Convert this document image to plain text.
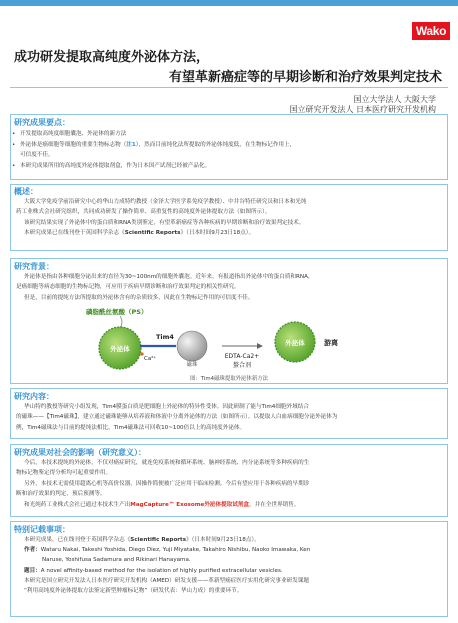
Wako
成功研发提取高纯度外泌体方法，
有望革新癌症等的早期诊断和治疗效果判定技术
国立大学法人 大阪大学
国立研究开发法人 日本医疗研究开发机构
研究成果要点：
• 开发提取高纯度细胞囊泡、外泌体的新方法
• 外泌体是癌细胞等细胞的重要生物标志物（注1），然而目前纯化法所提取的外泌体纯度低，在生物标记作用上，
可信度不佳。
• 本研究成果所用的高纯度外泌体提取剂盒，作为日本国产试剂已经被产品化。
概述：
大阪大学免疫学前沿研究中心的华山力成特约教授（金泽大学医学系免疫学教授）、中井谷特任研究员和日本和光纯
药工业株式会社研究组织，共同成功研发了操作简单、高重复性的高纯度外泌体提取方法（如图所示）。
该研究结果实现了外泌体中的蛋白质和RNA类别鉴定，有望革新癌症等各种疾病的早期诊断和治疗效果判定技术。
本研究成果已在线刊登于英国科学杂志《Scientific Reports》（日本时间9月23日18点）。
研究背景：
外泌体是指由各种细胞分泌出来的直径为30~100nm的细胞外囊泡。近年来，有报道指出外泌体中的蛋白质和RNA，
是癌细胞等病态细胞的生物标记物，可应用于疾病早期诊断和治疗效果判定的相关性研究。
但是，目前的提纯方法所提取的外泌体含有的杂质较多，因此在生物标记作用的可信度不佳。
磷脂酰丝氨酸（PS）
外泌体
Tim4
Ca²⁺
磁珠
EDTA-Ca2+
螯合剂
外泌体	游离
图：Tim4磁珠提取外泌体新方法
研究内容：
华山特约教授等研究小组发现，Tim4膜蛋白质是肥细胞上外泌体的特异性受体。因此研制了能与Tim4细胞外域结合
的磁珠——【Tim4磁珠】，建立通过磁珠能够从培养液和体液中分离外泌体的方法（如图所示）。以提取人白血病细胞分泌外泌体为
例，Tim4磁珠法与目前的提纯法相比，Tim4磁珠法可回收10~100倍以上的高纯度外泌体。
研究成果对社会的影响（研究意义）：
今后，本技术提纯的外泌体，不仅对癌症研究，就连免疫系统和循环系统、脑神经系统、内分泌系统等多种疾病的生
物标记物鉴定得分析均可起重要作用。
另外，本技术无需使用超离心机等高价仪器，因操作简便被广泛应用于临床检测。今后有望应用于各种疾病的早期诊
断和治疗效果的判定，预后预测等。
和光纯药工业株式会社已通过本技术生产出MagCapture™ Exosome外泌体提取试剂盒，并在全世界销售。
特别记载事项：
本研究成果，已在线刊登于英国科学杂志《Scientific Reports》（日本时间9月23日18点）。
作者：Wataru Nakai, Takeshi Yoshida, Diego Diez, Yuji Miyatake, Takahiro Nishibu, Naoko Imawaka, Ken
Naruse, Yoshifusa Sadamura and Rikinari Hanayama.
题目：A novel affinity-based method for the isolation of highly purified extracellular vesicles.
本研究是国立研究开发法人日本医疗研究开发机构（AMED）研发支援——革新型癌症医疗实用化研究事业研发课题
“利用高纯度外泌体提取方法鉴定新型肿瘤标记物”（研发代表：华山力成）的重要环节。
